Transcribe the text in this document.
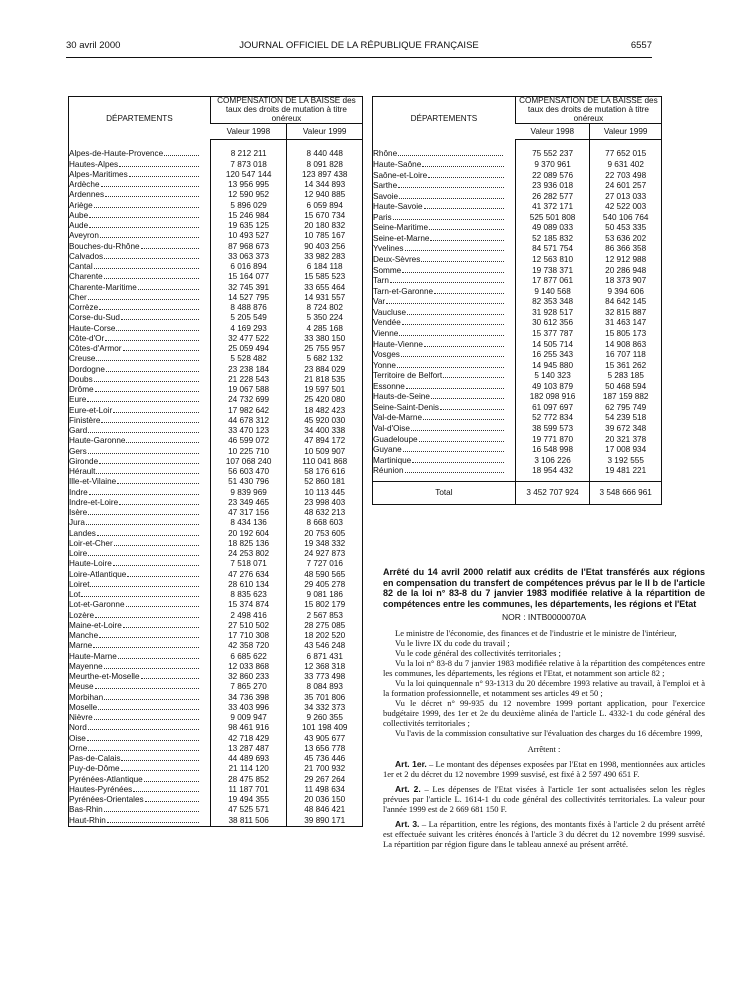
30 avril 2000	JOURNAL OFFICIEL DE LA RÉPUBLIQUE FRANÇAISE	6557
DÉPARTEMENTS	COMPENSATION DE LA BAISSE des taux des droits de mutation à titre onéreux	
	Valeur 1998	Valeur 1999

Alpes-de-Haute-Provence	8 212 211	8 440 448
Hautes-Alpes	7 873 018	8 091 828
Alpes-Maritimes	120 547 144	123 897 438
Ardèche	13 956 995	14 344 893
Ardennes	12 590 952	12 940 885
Ariège	5 896 029	6 059 894
Aube	15 246 984	15 670 734
Aude	19 635 125	20 180 832
Aveyron	10 493 527	10 785 167
Bouches-du-Rhône	87 968 673	90 403 256
Calvados	33 063 373	33 982 283
Cantal	6 016 894	6 184 118
Charente	15 164 077	15 585 523
Charente-Maritime	32 745 391	33 655 464
Cher	14 527 795	14 931 557
Corrèze	8 488 876	8 724 802
Corse-du-Sud	5 205 549	5 350 224
Haute-Corse	4 169 293	4 285 168
Côte-d'Or	32 477 522	33 380 150
Côtes-d'Armor	25 059 494	25 755 957
Creuse	5 528 482	5 682 132
Dordogne	23 238 184	23 884 029
Doubs	21 228 543	21 818 535
Drôme	19 067 588	19 597 501
Eure	24 732 699	25 420 080
Eure-et-Loir	17 982 642	18 482 423
Finistère	44 678 312	45 920 030
Gard	33 470 123	34 400 338
Haute-Garonne	46 599 072	47 894 172
Gers	10 225 710	10 509 907
Gironde	107 068 240	110 041 868
Hérault	56 603 470	58 176 616
Ille-et-Vilaine	51 430 796	52 860 181
Indre	9 839 969	10 113 445
Indre-et-Loire	23 349 465	23 998 403
Isère	47 317 156	48 632 213
Jura	8 434 136	8 668 603
Landes	20 192 604	20 753 605
Loir-et-Cher	18 825 136	19 348 332
Loire	24 253 802	24 927 873
Haute-Loire	7 518 071	7 727 016
Loire-Atlantique	47 276 634	48 590 565
Loiret	28 610 134	29 405 278
Lot	8 835 623	9 081 186
Lot-et-Garonne	15 374 874	15 802 179
Lozère	2 498 416	2 567 853
Maine-et-Loire	27 510 502	28 275 085
Manche	17 710 308	18 202 520
Marne	42 358 720	43 546 248
Haute-Marne	6 685 622	6 871 431
Mayenne	12 033 868	12 368 318
Meurthe-et-Moselle	32 860 233	33 773 498
Meuse	7 865 270	8 084 893
Morbihan	34 736 398	35 701 806
Moselle	33 403 996	34 332 373
Nièvre	9 009 947	9 260 355
Nord	98 461 916	101 198 409
Oise	42 718 429	43 905 677
Orne	13 287 487	13 656 778
Pas-de-Calais	44 489 693	45 736 446
Puy-de-Dôme	21 114 120	21 700 932
Pyrénées-Atlantique	28 475 852	29 267 264
Hautes-Pyrénées	11 187 701	11 498 634
Pyrénées-Orientales	19 494 355	20 036 150
Bas-Rhin	47 525 571	48 846 421
Haut-Rhin	38 811 506	39 890 171
DÉPARTEMENTS	COMPENSATION DE LA BAISSE des taux des droits de mutation à titre onéreux	
	Valeur 1998	Valeur 1999

Rhône	75 552 237	77 652 015
Haute-Saône	9 370 961	9 631 402
Saône-et-Loire	22 089 576	22 703 498
Sarthe	23 936 018	24 601 257
Savoie	26 282 577	27 013 033
Haute-Savoie	41 372 171	42 522 003
Paris	525 501 808	540 106 764
Seine-Maritime	49 089 033	50 453 335
Seine-et-Marne	52 185 832	53 636 202
Yvelines	84 571 754	86 366 358
Deux-Sèvres	12 563 810	12 912 988
Somme	19 738 371	20 286 948
Tarn	17 877 061	18 373 907
Tarn-et-Garonne	9 140 568	9 394 606
Var	82 353 348	84 642 145
Vaucluse	31 928 517	32 815 887
Vendée	30 612 356	31 463 147
Vienne	15 377 787	15 805 173
Haute-Vienne	14 505 714	14 908 863
Vosges	16 255 343	16 707 118
Yonne	14 945 880	15 361 262
Territoire de Belfort	5 140 323	5 283 185
Essonne	49 103 879	50 468 594
Hauts-de-Seine	182 098 916	187 159 882
Seine-Saint-Denis	61 097 697	62 795 749
Val-de-Marne	52 772 834	54 239 518
Val-d'Oise	38 599 573	39 672 348
Guadeloupe	19 771 870	20 321 378
Guyane	16 548 998	17 008 934
Martinique	3 106 226	3 192 555
Réunion	18 954 432	19 481 221

Total	3 452 707 924	3 548 666 961
Arrêté du 14 avril 2000 relatif aux crédits de l'Etat transférés aux régions en compensation du transfert de compétences prévus par le II b de l'article 82 de la loi n° 83-8 du 7 janvier 1983 modifiée relative à la répartition de compétences entre les communes, les départements, les régions et l'Etat
NOR : INTB0000070A

Le ministre de l'économie, des finances et de l'industrie et le ministre de l'intérieur,

Vu le livre IX du code du travail ;

Vu le code général des collectivités territoriales ;

Vu la loi n° 83-8 du 7 janvier 1983 modifiée relative à la répartition des compétences entre les communes, les départements, les régions et l'Etat, et notamment son article 82 ;

Vu la loi quinquennale n° 93-1313 du 20 décembre 1993 relative au travail, à l'emploi et à la formation professionnelle, et notamment ses articles 49 et 50 ;

Vu le décret n° 99-935 du 12 novembre 1999 portant application, pour l'exercice budgétaire 1999, des 1er et 2e du deuxième alinéa de l'article L. 4332-1 du code général des collectivités territoriales ;

Vu l'avis de la commission consultative sur l'évaluation des charges du 16 décembre 1999,

Arrêtent :

Art. 1er. – Le montant des dépenses exposées par l'Etat en 1998, mentionnées aux articles 1er et 2 du décret du 12 novembre 1999 susvisé, est fixé à 2 597 490 651 F.

Art. 2. – Les dépenses de l'Etat visées à l'article 1er sont actualisées selon les règles prévues par l'article L. 1614-1 du code général des collectivités territoriales. La valeur pour l'année 1999 est de 2 669 681 150 F.

Art. 3. – La répartition, entre les régions, des montants fixés à l'article 2 du présent arrêté est effectuée suivant les critères énoncés à l'article 3 du décret du 12 novembre 1999 susvisé. La répartition par région figure dans le tableau annexé au présent arrêté.
